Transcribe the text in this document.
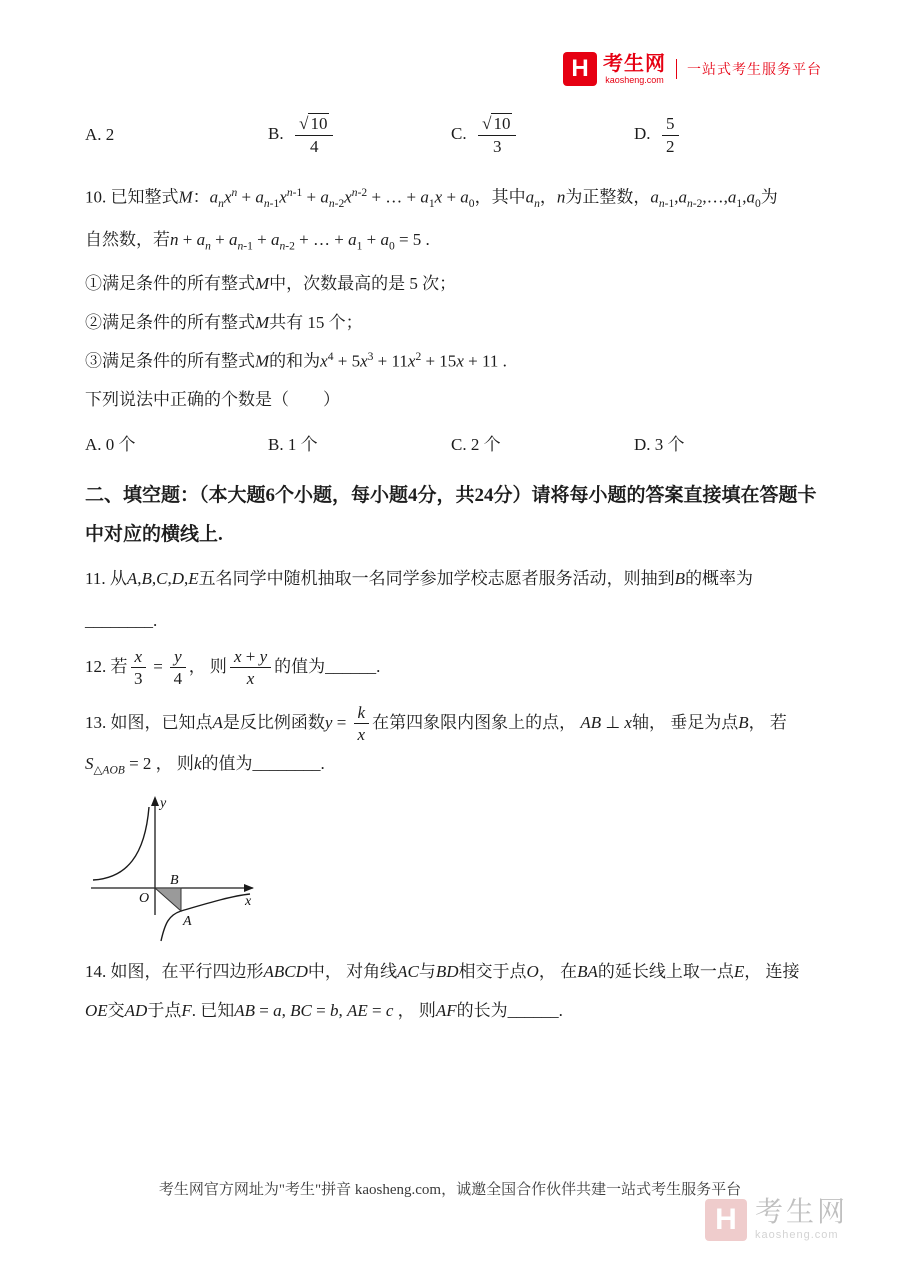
H 考生网
kaosheng.com
一站式考生服务平台
A. 2	B. $\frac{√ 10}{4}$	C. $\frac{√ 10}{3}$	D. $\frac{5}{2}$

10. 已知整式M：$a_nx^n + a_{n-1}x^{n-1} + a_{n-2}x^{n-2}$ + … + $a_1x + a_0$，其中$a_n$，n为正整数，$a_{n-1},a_{n-2},\dots,a_1,a_0$为

自然数，若$n + a_n + a_{n-1} + a_{n-2}$ + … + $a_1 + a_0 = 5$ .

①满足条件的所有整式M中，次数最高的是 5 次；

②满足条件的所有整式M共有 15 个；

③满足条件的所有整式M的和为$x^4 + 5x^3 + 11x^2 + 15x + 11$ .

下列说法中正确的个数是（　　）

A. 0 个	B. 1 个	C. 2 个	D. 3 个

二、填空题：（本大题6个小题，每小题4分，共24分）请将每小题的答案直接填在答题卡

中对应的横线上.

11. 从A,B,C,D,E五名同学中随机抽取一名同学参加学校志愿者服务活动，则抽到B的概率为

________.

12. 若 $\frac{x}{3} = \frac{y}{4}$ ， 则 $\frac{x + y}{x}$ 的值为______.

13. 如图，已知点A是反比例函数$y = \frac{k}{x}$ 在第四象限内图象上的点， AB ⊥ x轴， 垂足为点B， 若

$S_{\triangle AOB} = 2$ ， 则k的值为________.

y
x
O
B
A

14. 如图，在平行四边形ABCD中， 对角线AC与BD相交于点O， 在BA的延长线上取一点E， 连接

OE交AD于点F. 已知AB = a, BC = b, AE = c ， 则AF的长为______.

考生网官方网址为"考生"拼音 kaosheng.com，诚邀全国合作伙伴共建一站式考生服务平台
H 考生网
kaosheng.com
